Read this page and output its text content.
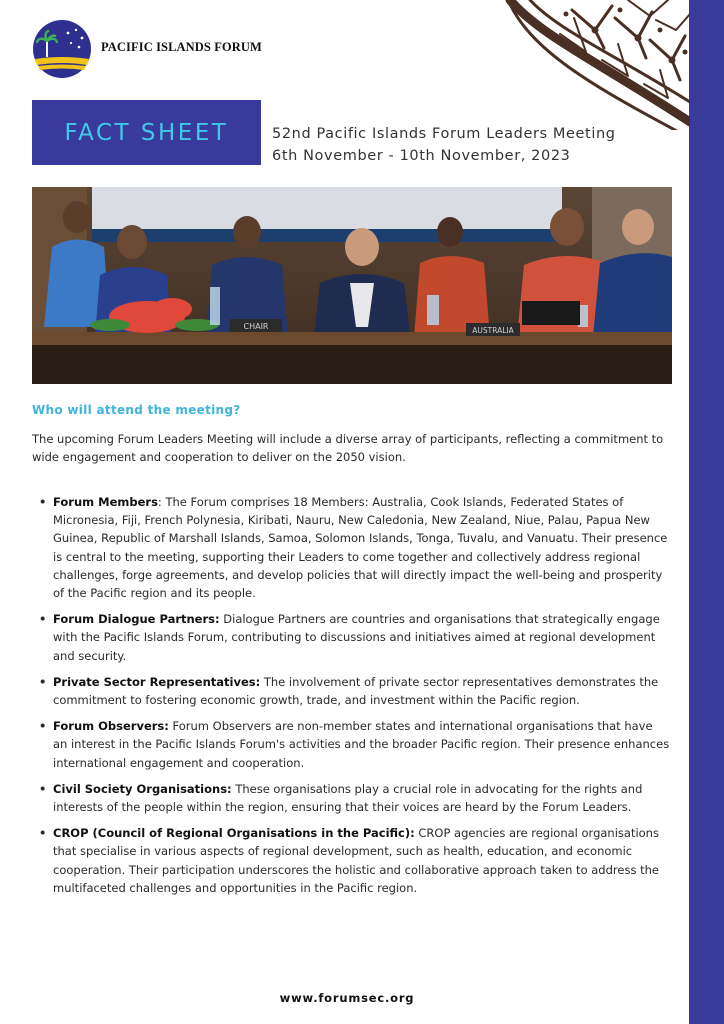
PACIFIC ISLANDS FORUM
FACT SHEET	52nd Pacific Islands Forum Leaders Meeting
6th November - 10th November, 2023
CHAIR	AUSTRALIA
Who will attend the meeting?

The upcoming Forum Leaders Meeting will include a diverse array of participants, reflecting a commitment to wide engagement and cooperation to deliver on the 2050 vision.

• Forum Members: The Forum comprises 18 Members: Australia, Cook Islands, Federated States of Micronesia, Fiji, French Polynesia, Kiribati, Nauru, New Caledonia, New Zealand, Niue, Palau, Papua New Guinea, Republic of Marshall Islands, Samoa, Solomon Islands, Tonga, Tuvalu, and Vanuatu. Their presence is central to the meeting, supporting their Leaders to come together and collectively address regional challenges, forge agreements, and develop policies that will directly impact the well-being and prosperity of the Pacific region and its people.
• Forum Dialogue Partners: Dialogue Partners are countries and organisations that strategically engage with the Pacific Islands Forum, contributing to discussions and initiatives aimed at regional development and security.
• Private Sector Representatives: The involvement of private sector representatives demonstrates the commitment to fostering economic growth, trade, and investment within the Pacific region.
• Forum Observers: Forum Observers are non-member states and international organisations that have an interest in the Pacific Islands Forum's activities and the broader Pacific region. Their presence enhances international engagement and cooperation.
• Civil Society Organisations: These organisations play a crucial role in advocating for the rights and interests of the people within the region, ensuring that their voices are heard by the Forum Leaders.
• CROP (Council of Regional Organisations in the Pacific): CROP agencies are regional organisations that specialise in various aspects of regional development, such as health, education, and economic cooperation. Their participation underscores the holistic and collaborative approach taken to address the multifaceted challenges and opportunities in the Pacific region.
www.forumsec.org
